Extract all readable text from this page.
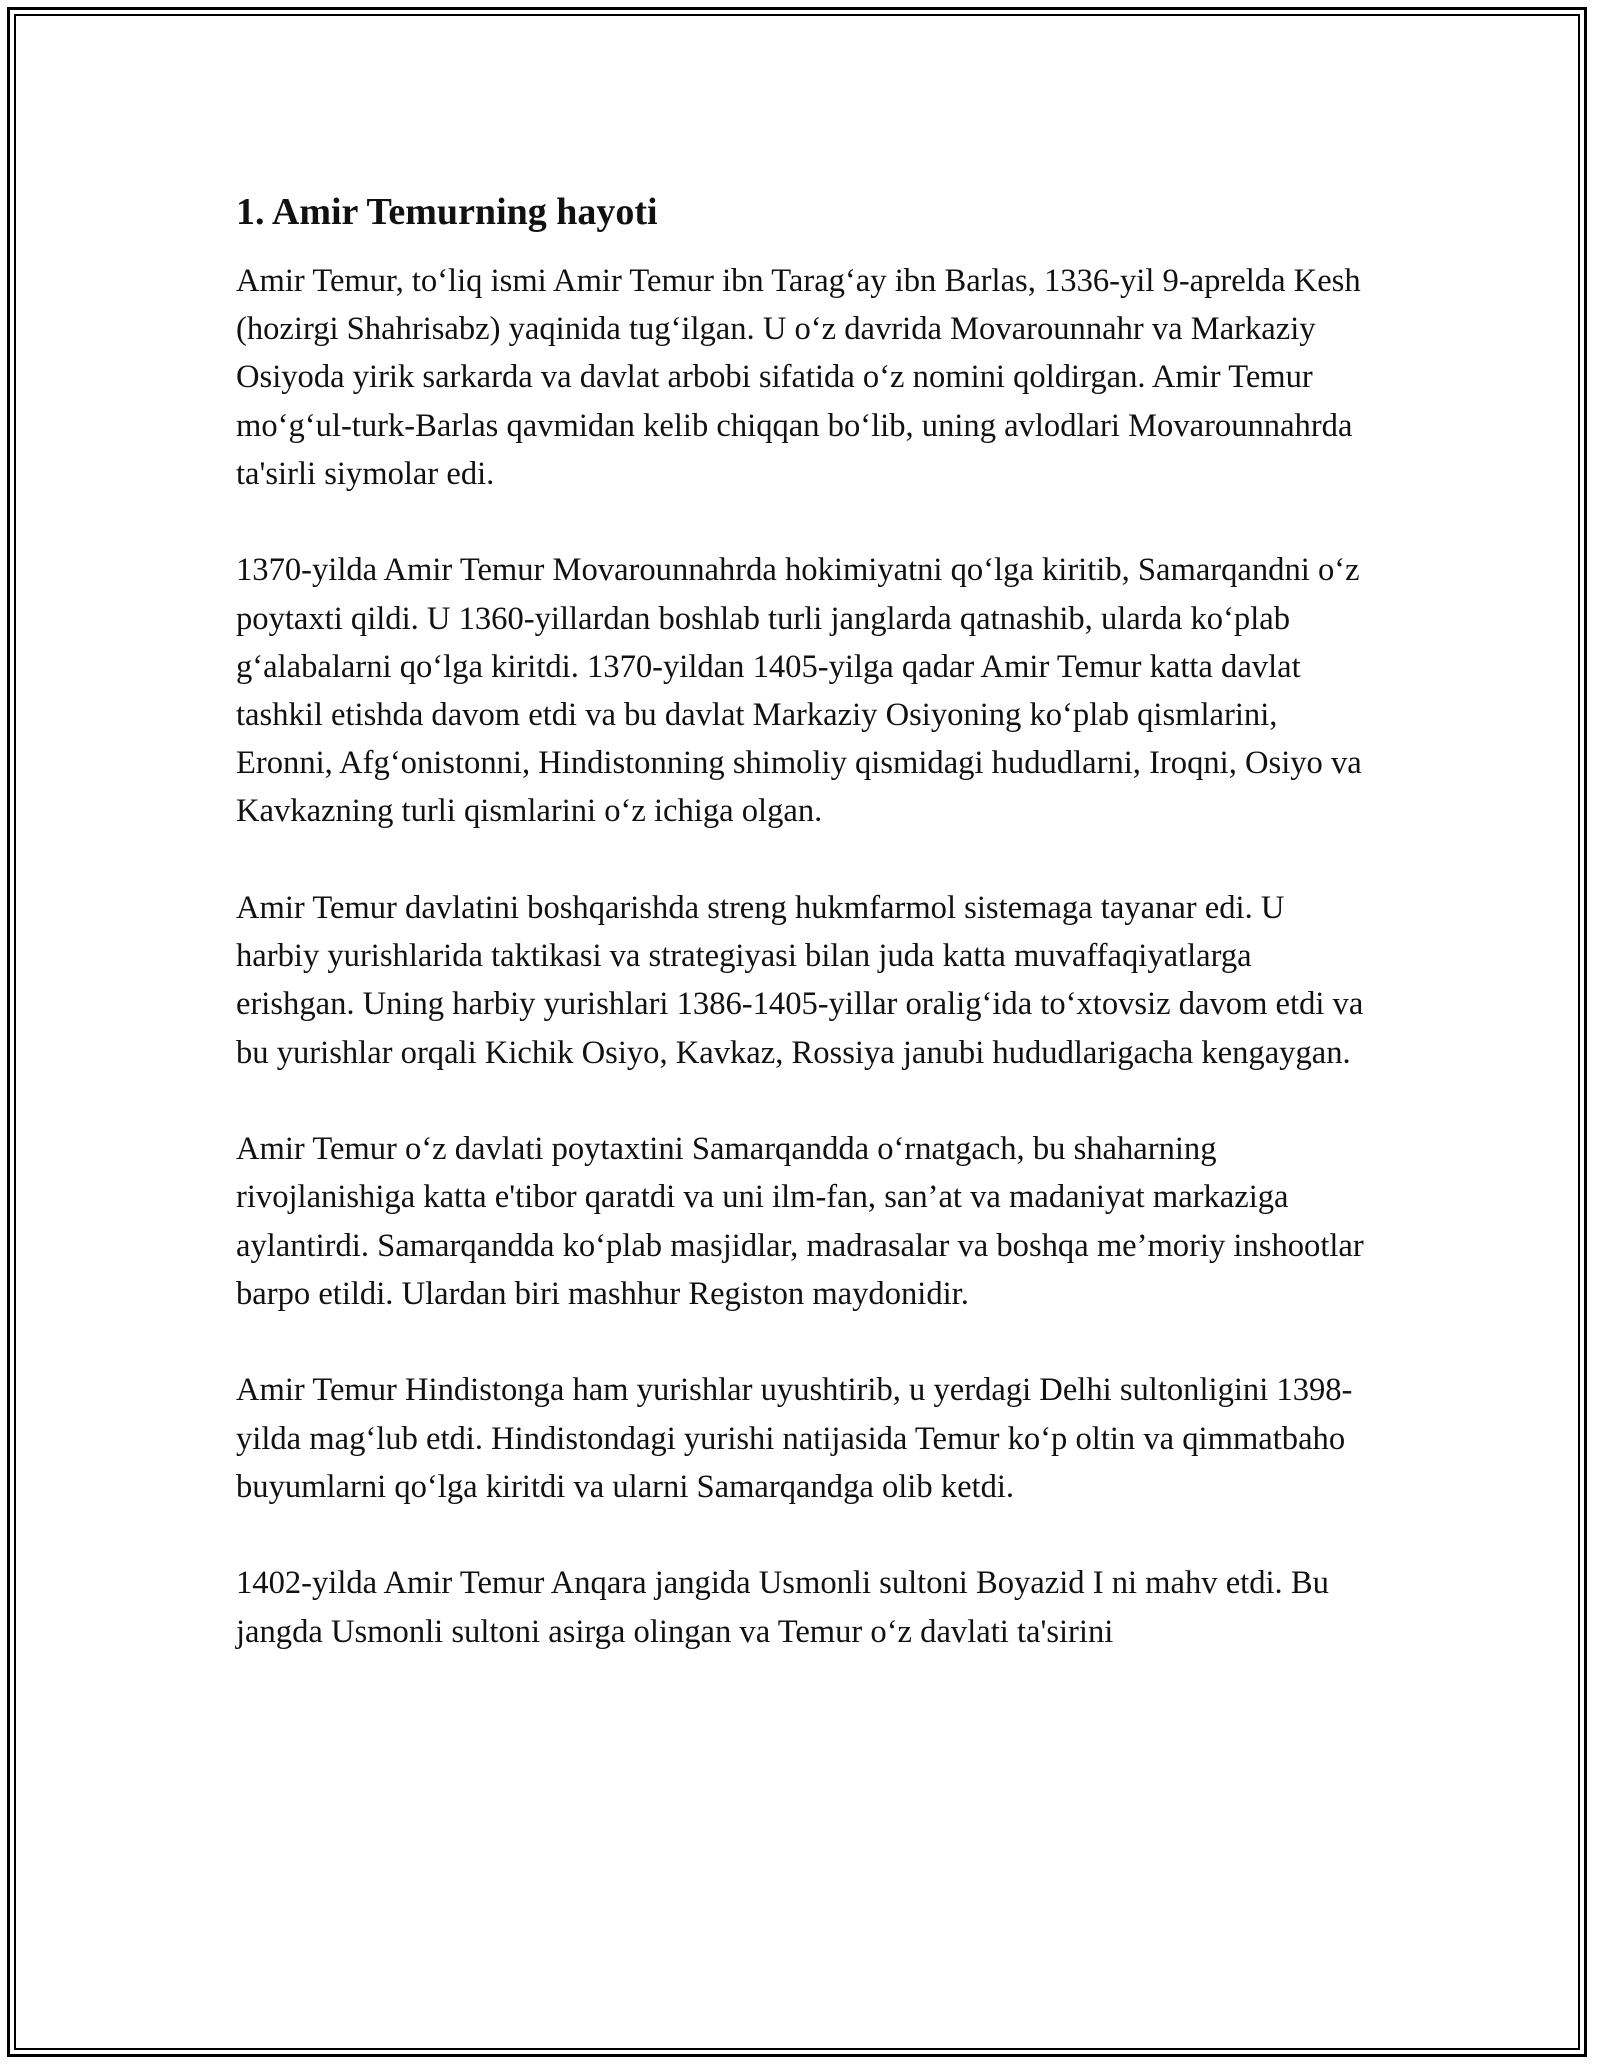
1. Amir Temurning hayoti

Amir Temur, to‘liq ismi Amir Temur ibn Tarag‘ay ibn Barlas, 1336-yil 9-aprelda Kesh (hozirgi Shahrisabz) yaqinida tug‘ilgan. U o‘z davrida Movarounnahr va Markaziy Osiyoda yirik sarkarda va davlat arbobi sifatida o‘z nomini qoldirgan. Amir Temur mo‘g‘ul-turk-Barlas qavmidan kelib chiqqan bo‘lib, uning avlodlari Movarounnahrda ta'sirli siymolar edi.

1370-yilda Amir Temur Movarounnahrda hokimiyatni qo‘lga kiritib, Samarqandni o‘z poytaxti qildi. U 1360-yillardan boshlab turli janglarda qatnashib, ularda ko‘plab g‘alabalarni qo‘lga kiritdi. 1370-yildan 1405-yilga qadar Amir Temur katta davlat tashkil etishda davom etdi va bu davlat Markaziy Osiyoning ko‘plab qismlarini, Eronni, Afg‘onistonni, Hindistonning shimoliy qismidagi hududlarni, Iroqni, Osiyo va Kavkazning turli qismlarini o‘z ichiga olgan.

Amir Temur davlatini boshqarishda streng hukmfarmol sistemaga tayanar edi. U harbiy yurishlarida taktikasi va strategiyasi bilan juda katta muvaffaqiyatlarga erishgan. Uning harbiy yurishlari 1386-1405-yillar oralig‘ida to‘xtovsiz davom etdi va bu yurishlar orqali Kichik Osiyo, Kavkaz, Rossiya janubi hududlarigacha kengaygan.

Amir Temur o‘z davlati poytaxtini Samarqandda o‘rnatgach, bu shaharning rivojlanishiga katta e'tibor qaratdi va uni ilm-fan, san’at va madaniyat markaziga aylantirdi. Samarqandda ko‘plab masjidlar, madrasalar va boshqa me’moriy inshootlar barpo etildi. Ulardan biri mashhur Registon maydonidir.

Amir Temur Hindistonga ham yurishlar uyushtirib, u yerdagi Delhi sultonligini 1398-yilda mag‘lub etdi. Hindistondagi yurishi natijasida Temur ko‘p oltin va qimmatbaho buyumlarni qo‘lga kiritdi va ularni Samarqandga olib ketdi.

1402-yilda Amir Temur Anqara jangida Usmonli sultoni Boyazid I ni mahv etdi. Bu jangda Usmonli sultoni asirga olingan va Temur o‘z davlati ta'sirini
